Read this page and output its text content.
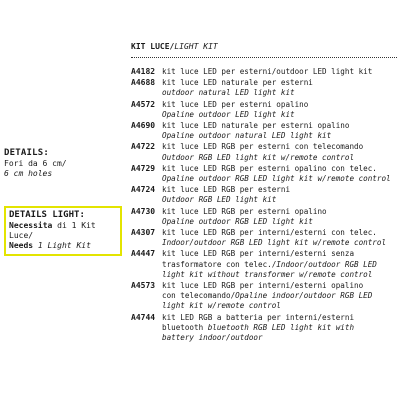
DETAILS:
Fori da 6 cm/
6 cm holes
DETAILS LIGHT:
Necessita di 1 Kit
Luce/
Needs 1 Light Kit
KIT LUCE/LIGHT KIT
A4182 kit luce LED per esterni/outdoor LED light kit
A4688 kit luce LED naturale per esterni
outdoor natural LED light kit
A4572 kit luce LED per esterni opalino
Opaline outdoor LED light kit
A4690 kit luce LED naturale per esterni opalino
Opaline outdoor natural LED light kit
A4722 kit luce LED RGB per esterni con telecomando
Outdoor RGB LED light kit w/remote control
A4729 kit luce LED RGB per esterni opalino con telec.
Opaline outdoor RGB LED light kit w/remote control
A4724 kit luce LED RGB per esterni
Outdoor RGB LED light kit
A4730 kit luce LED RGB per esterni opalino
Opaline outdoor RGB LED light kit
A4307 kit luce LED RGB per interni/esterni con telec.
Indoor/outdoor RGB LED light kit w/remote control
A4447 kit luce LED RGB per interni/esterni senza
trasformatore con telec./Indoor/outdoor RGB LED
light kit without transformer w/remote control
A4573 kit luce LED RGB per interni/esterni opalino
con telecomando/Opaline indoor/outdoor RGB LED
light kit w/remote control
A4744 kit LED RGB a batteria per interni/esterni
bluetooth bluetooth RGB LED light kit with
battery indoor/outdoor
